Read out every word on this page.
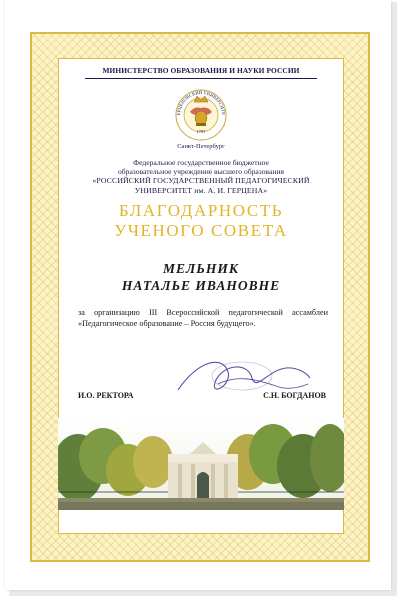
МИНИСТЕРСТВО ОБРАЗОВАНИЯ И НАУКИ РОССИИ
ЕРЦЕНОВСКИЙ УНИВЕРСИТЕ
1797
Санкт-Петербург
Федеральное государственное бюджетное
образовательное учреждение высшего образования
«РОССИЙСКИЙ ГОСУДАРСТВЕННЫЙ ПЕДАГОГИЧЕСКИЙ
УНИВЕРСИТЕТ им. А. И. ГЕРЦЕНА»
БЛАГОДАРНОСТЬ
УЧЕНОГО СОВЕТА
МЕЛЬНИК
НАТАЛЬЕ ИВАНОВНЕ
за организацию III Всероссийской педагогической ассамблеи «Педагогическое образование – Россия будущего».
И.О. РЕКТОРА	С.Н. БОГДАНОВ
